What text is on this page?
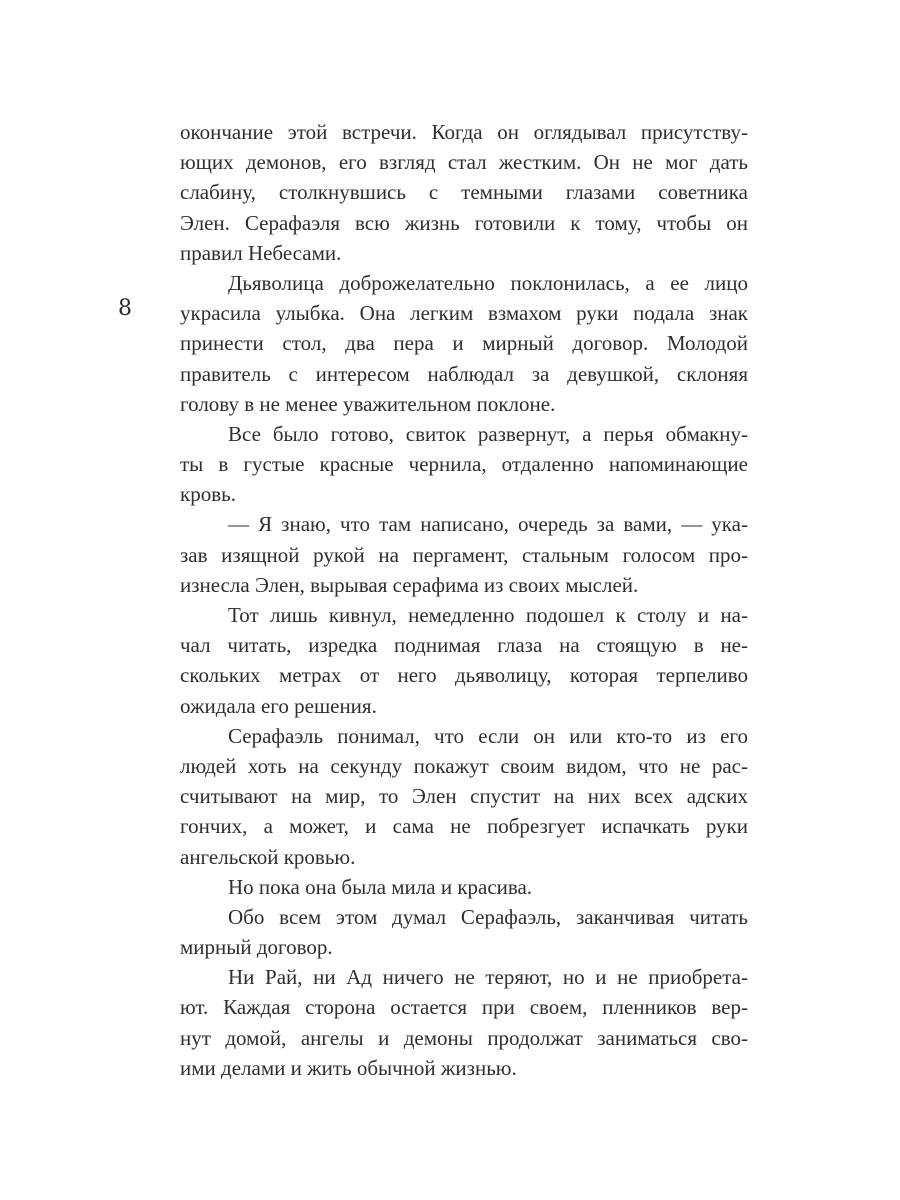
8
окончание этой встречи. Когда он оглядывал присутству-
ющих демонов, его взгляд стал жестким. Он не мог дать
слабину, столкнувшись с темными глазами советника
Элен. Серафаэля всю жизнь готовили к тому, чтобы он
правил Небесами.
Дьяволица доброжелательно поклонилась, а ее лицо
украсила улыбка. Она легким взмахом руки подала знак
принести стол, два пера и мирный договор. Молодой
правитель с интересом наблюдал за девушкой, склоняя
голову в не менее уважительном поклоне.
Все было готово, свиток развернут, а перья обмакну-
ты в густые красные чернила, отдаленно напоминающие
кровь.
— Я знаю, что там написано, очередь за вами, — ука-
зав изящной рукой на пергамент, стальным голосом про-
изнесла Элен, вырывая серафима из своих мыслей.
Тот лишь кивнул, немедленно подошел к столу и на-
чал читать, изредка поднимая глаза на стоящую в не-
скольких метрах от него дьяволицу, которая терпеливо
ожидала его решения.
Серафаэль понимал, что если он или кто-то из его
людей хоть на секунду покажут своим видом, что не рас-
считывают на мир, то Элен спустит на них всех адских
гончих, а может, и сама не побрезгует испачкать руки
ангельской кровью.
Но пока она была мила и красива.
Обо всем этом думал Серафаэль, заканчивая читать
мирный договор.
Ни Рай, ни Ад ничего не теряют, но и не приобрета-
ют. Каждая сторона остается при своем, пленников вер-
нут домой, ангелы и демоны продолжат заниматься сво-
ими делами и жить обычной жизнью.
